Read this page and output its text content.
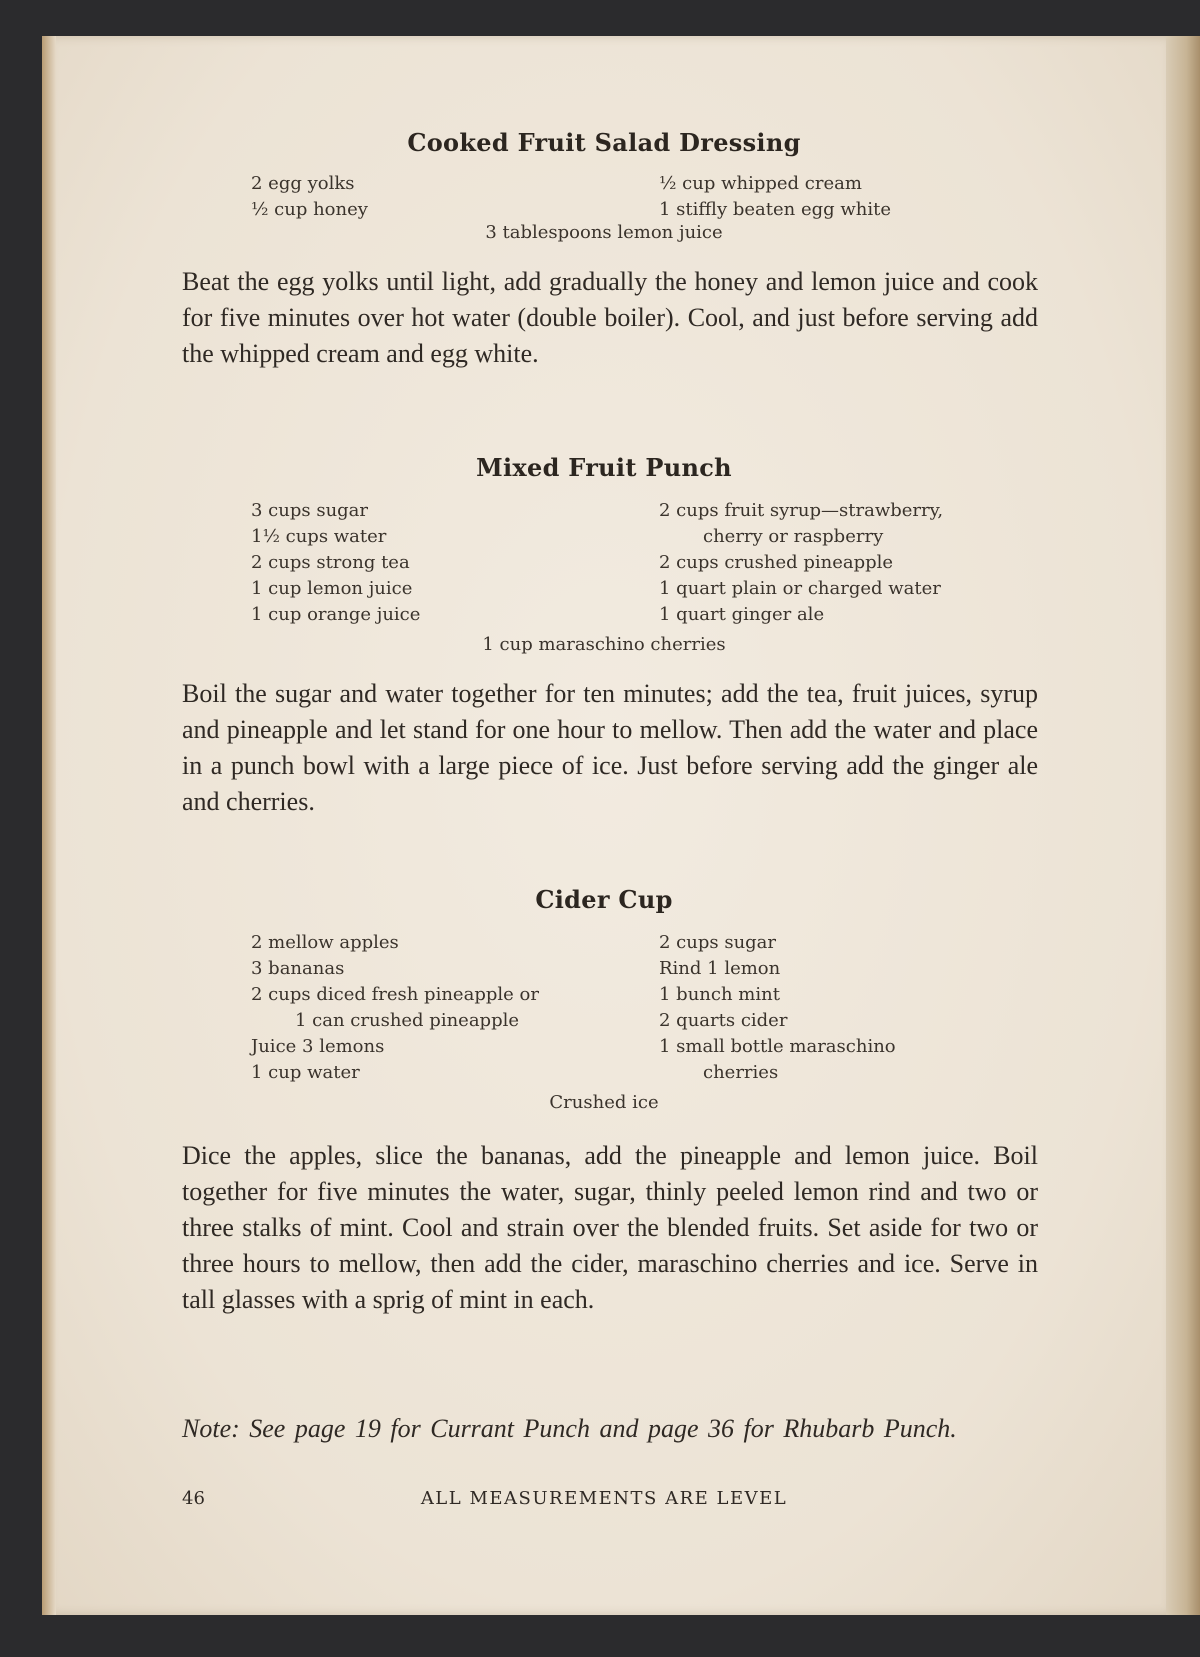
Cooked Fruit Salad Dressing
2 egg yolks
½ cup honey
½ cup whipped cream
1 stiffly beaten egg white
3 tablespoons lemon juice
Beat the egg yolks until light, add gradually the honey and lemon juice and cook for five minutes over hot water (double boiler). Cool, and just before serving add the whipped cream and egg white.
Mixed Fruit Punch
3 cups sugar
1½ cups water
2 cups strong tea
1 cup lemon juice
1 cup orange juice
2 cups fruit syrup—strawberry,
cherry or raspberry
2 cups crushed pineapple
1 quart plain or charged water
1 quart ginger ale
1 cup maraschino cherries
Boil the sugar and water together for ten minutes; add the tea, fruit juices, syrup and pineapple and let stand for one hour to mellow. Then add the water and place in a punch bowl with a large piece of ice. Just before serving add the ginger ale and cherries.
Cider Cup
2 mellow apples
3 bananas
2 cups diced fresh pineapple or
1 can crushed pineapple
Juice 3 lemons
1 cup water
2 cups sugar
Rind 1 lemon
1 bunch mint
2 quarts cider
1 small bottle maraschino
cherries
Crushed ice
Dice the apples, slice the bananas, add the pineapple and lemon juice. Boil together for five minutes the water, sugar, thinly peeled lemon rind and two or three stalks of mint. Cool and strain over the blended fruits. Set aside for two or three hours to mellow, then add the cider, maraschino cherries and ice. Serve in tall glasses with a sprig of mint in each.
Note: See page 19 for Currant Punch and page 36 for Rhubarb Punch.
46	ALL MEASUREMENTS ARE LEVEL
